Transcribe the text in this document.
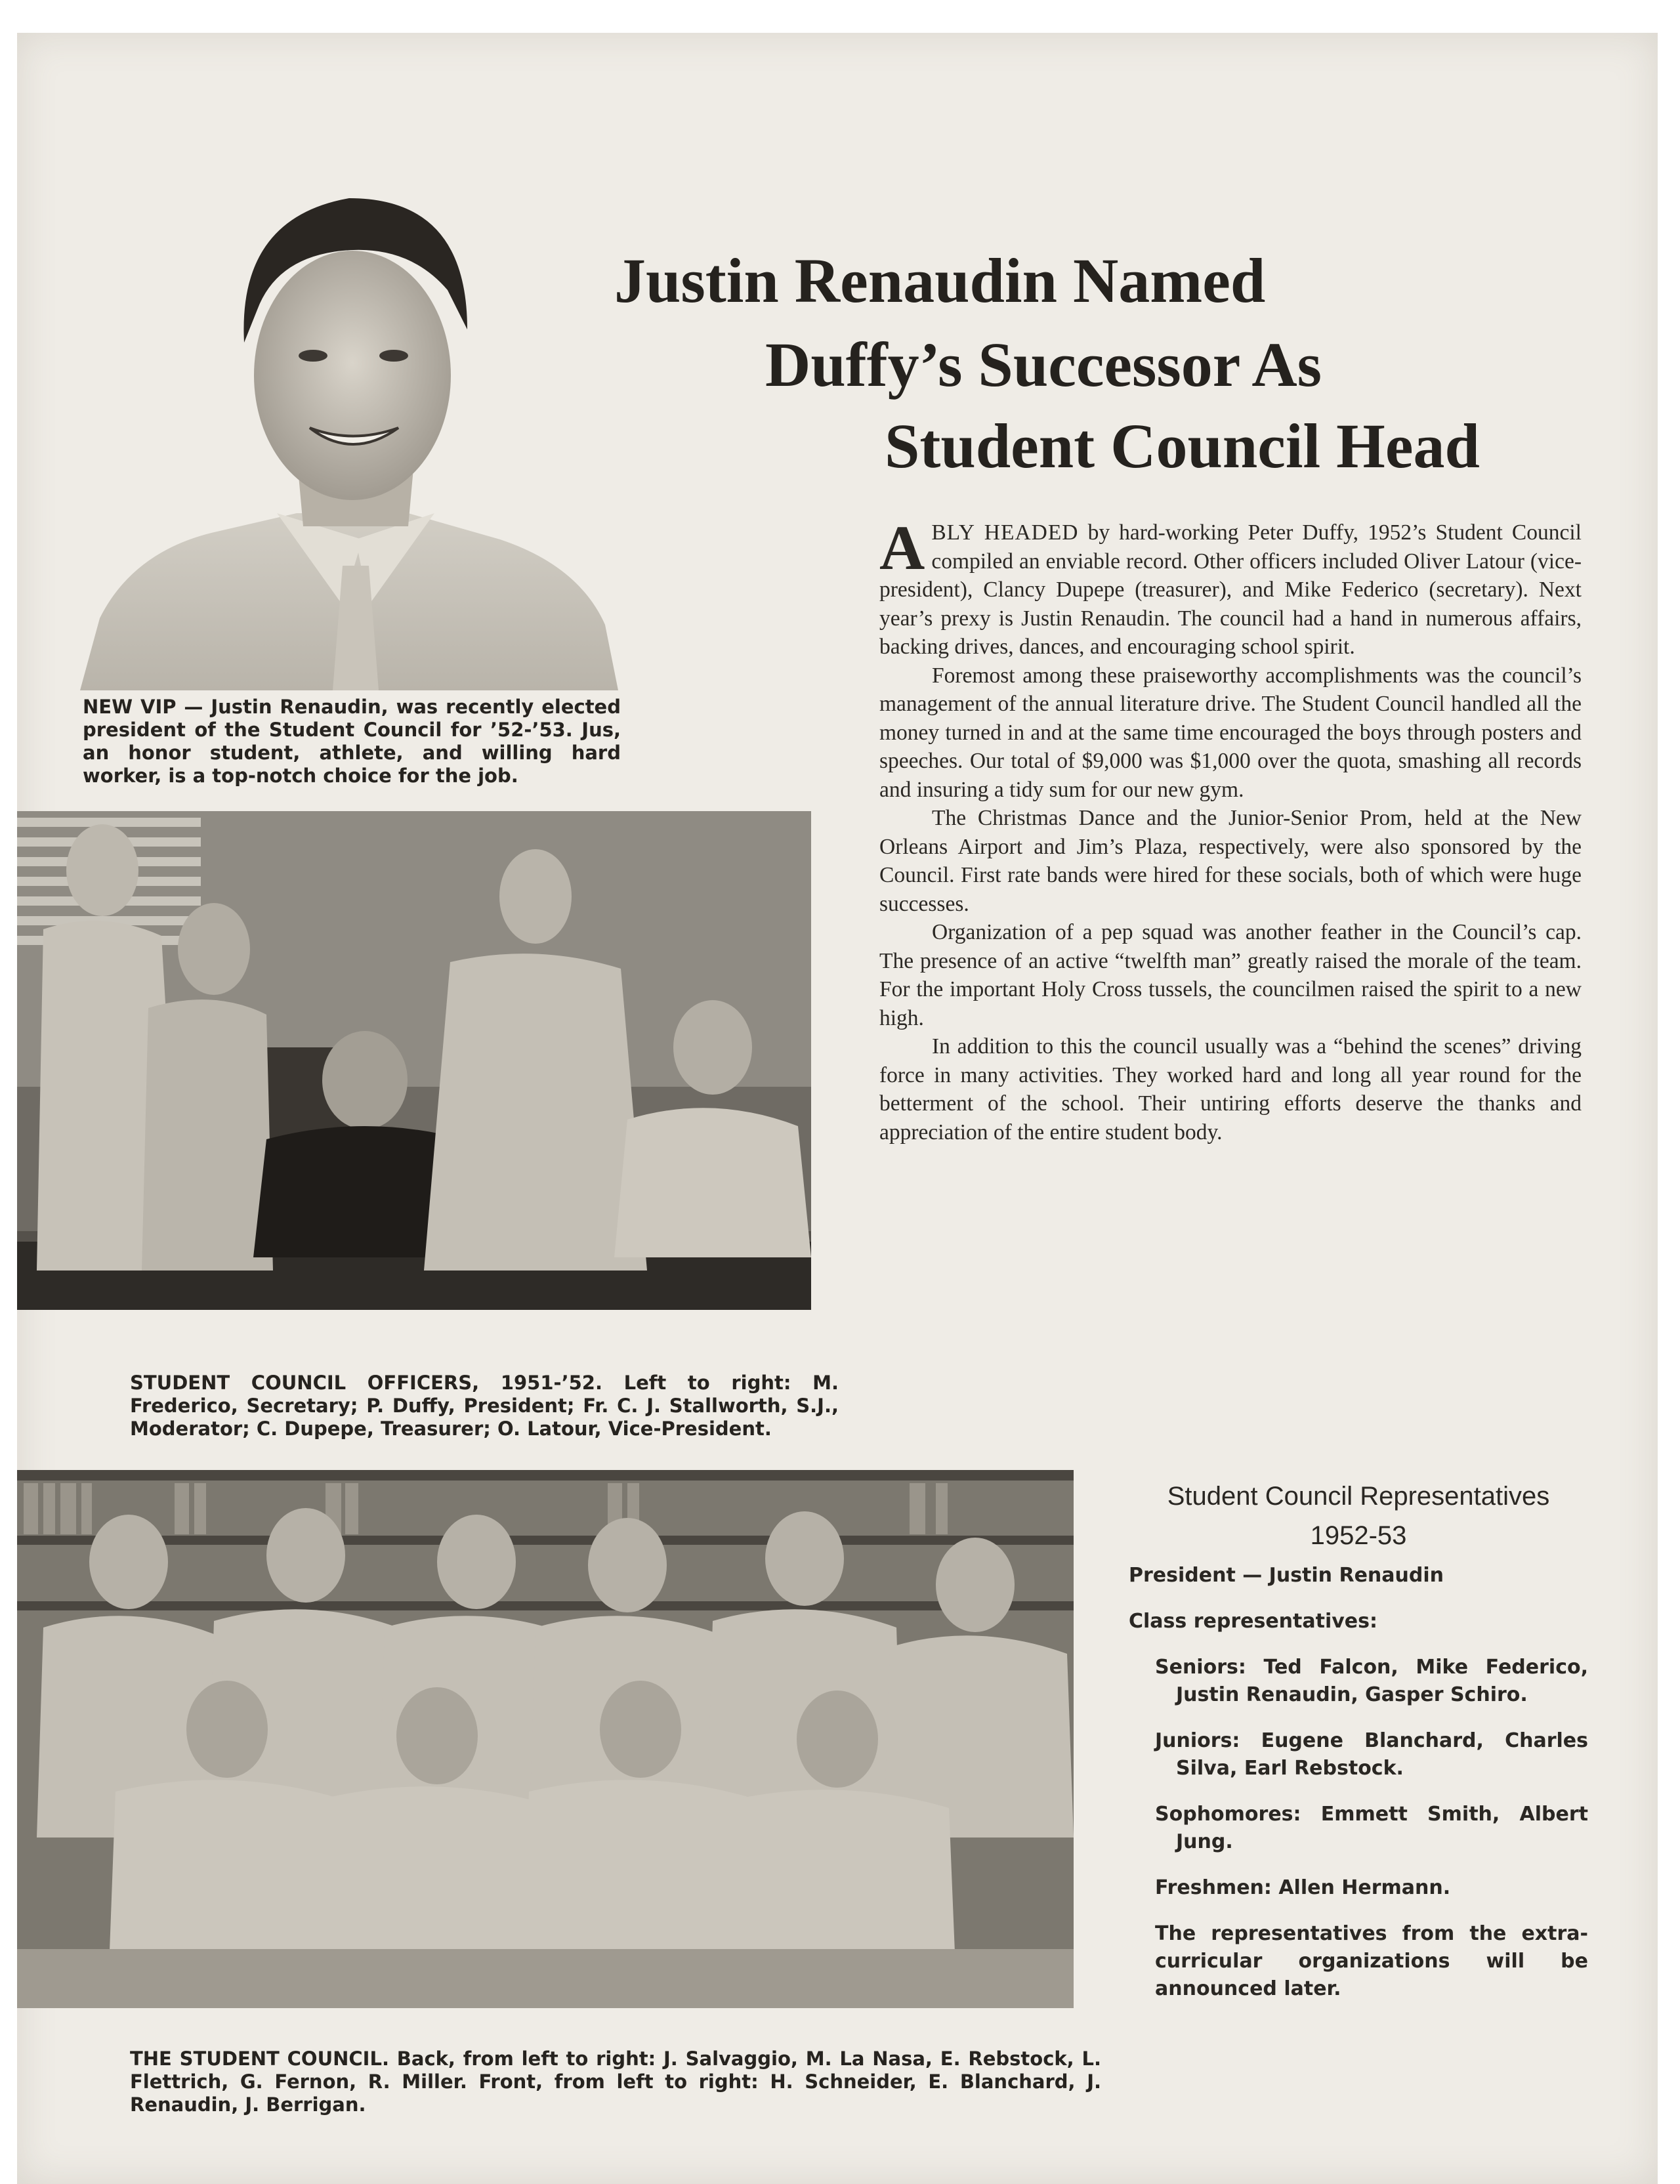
NEW VIP — Justin Renaudin, was recently elected president of the Student Council for ’52-’53. Jus, an honor student, athlete, and willing hard worker, is a top-notch choice for the job.

Justin Renaudin Named
Duffy’s Successor As
Student Council Head

ABLY HEADED by hard-working Peter Duffy, 1952’s Student Council compiled an enviable record. Other officers included Oliver Latour (vice-president), Clancy Dupepe (treasurer), and Mike Federico (secretary). Next year’s prexy is Justin Renaudin. The council had a hand in numerous affairs, backing drives, dances, and encouraging school spirit.

Foremost among these praiseworthy accomplishments was the council’s management of the annual literature drive. The Student Council handled all the money turned in and at the same time encouraged the boys through posters and speeches. Our total of $9,000 was $1,000 over the quota, smashing all records and insuring a tidy sum for our new gym.

The Christmas Dance and the Junior-Senior Prom, held at the New Orleans Airport and Jim’s Plaza, respectively, were also sponsored by the Council. First rate bands were hired for these socials, both of which were huge successes.

Organization of a pep squad was another feather in the Council’s cap. The presence of an active “twelfth man” greatly raised the morale of the team. For the important Holy Cross tussels, the councilmen raised the spirit to a new high.

In addition to this the council usually was a “behind the scenes” driving force in many activities. They worked hard and long all year round for the betterment of the school. Their untiring efforts deserve the thanks and appreciation of the entire student body.

STUDENT COUNCIL OFFICERS, 1951-’52. Left to right: M. Frederico, Secretary; P. Duffy, President; Fr. C. J. Stallworth, S.J., Moderator; C. Dupepe, Treasurer; O. Latour, Vice-President.

THE STUDENT COUNCIL. Back, from left to right: J. Salvaggio, M. La Nasa, E. Rebstock, L. Flettrich, G. Fernon, R. Miller. Front, from left to right: H. Schneider, E. Blanchard, J. Renaudin, J. Berrigan.

Student Council Representatives
1952-53

President — Justin Renaudin

Class representatives:

Seniors: Ted Falcon, Mike Federico, Justin Renaudin, Gasper Schiro.

Juniors: Eugene Blanchard, Charles Silva, Earl Rebstock.

Sophomores: Emmett Smith, Albert Jung.

Freshmen: Allen Hermann.

The representatives from the extra-curricular organizations will be announced later.
